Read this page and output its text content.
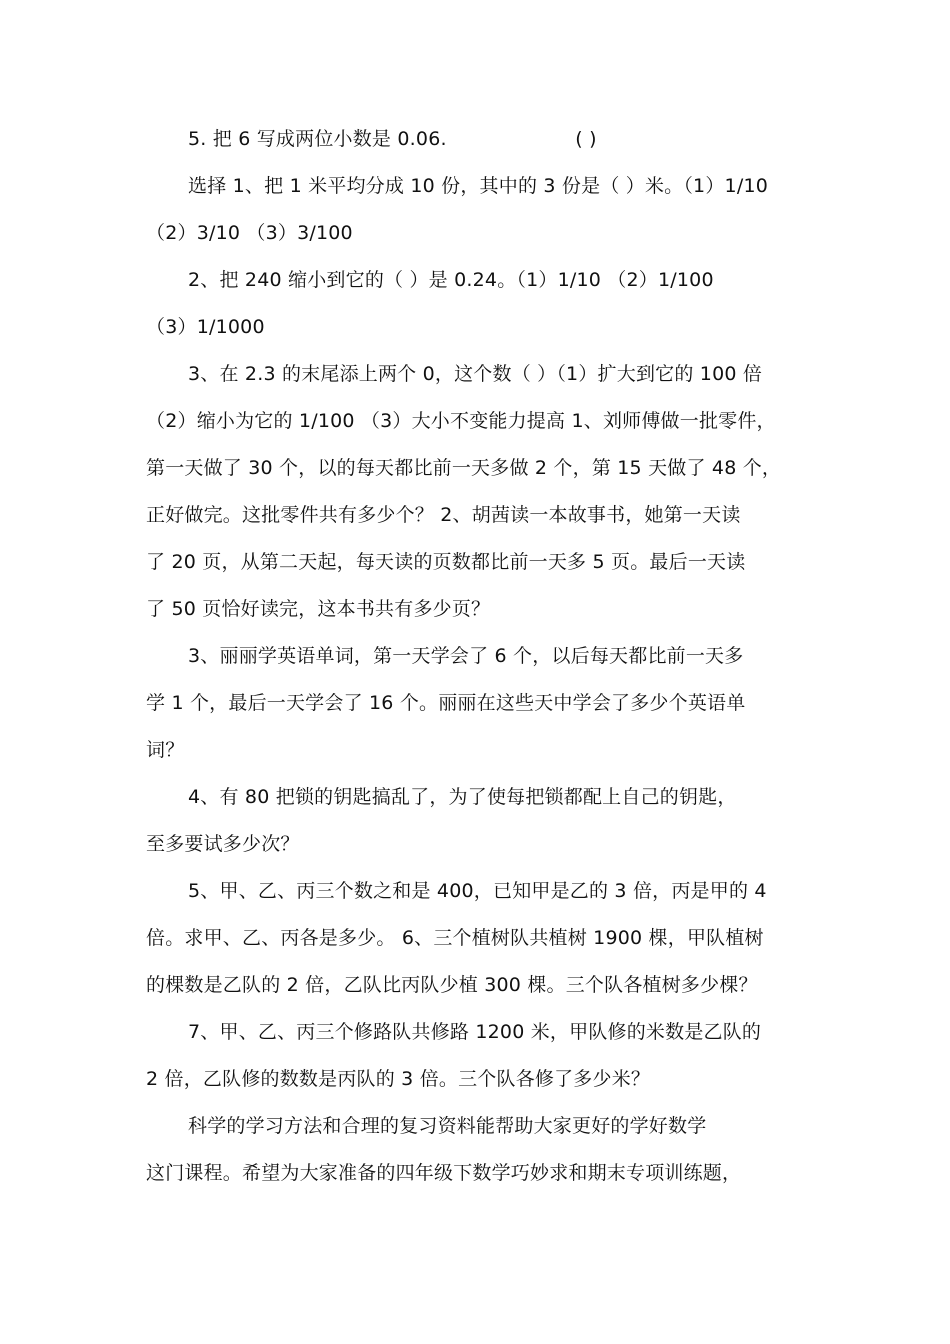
5. 把 6 写成两位小数是 0.06.	( )

选择 1、把 1 米平均分成 10 份，其中的 3 份是（ ）米。（1）1/10
（2）3/10 （3）3/100

2、把 240 缩小到它的（ ）是 0.24。（1）1/10 （2）1/100
（3）1/1000

3、在 2.3 的末尾添上两个 0，这个数（ ）（1）扩大到它的 100 倍
（2）缩小为它的 1/100 （3）大小不变能力提高 1、刘师傅做一批零件，
第一天做了 30 个，以的每天都比前一天多做 2 个，第 15 天做了 48 个，
正好做完。这批零件共有多少个？ 2、胡茜读一本故事书，她第一天读
了 20 页，从第二天起，每天读的页数都比前一天多 5 页。最后一天读
了 50 页恰好读完，这本书共有多少页？

3、丽丽学英语单词，第一天学会了 6 个，以后每天都比前一天多
学 1 个，最后一天学会了 16 个。丽丽在这些天中学会了多少个英语单
词？

4、有 80 把锁的钥匙搞乱了，为了使每把锁都配上自己的钥匙，
至多要试多少次？

5、甲、乙、丙三个数之和是 400，已知甲是乙的 3 倍，丙是甲的 4
倍。求甲、乙、丙各是多少。 6、三个植树队共植树 1900 棵，甲队植树
的棵数是乙队的 2 倍，乙队比丙队少植 300 棵。三个队各植树多少棵？

7、甲、乙、丙三个修路队共修路 1200 米，甲队修的米数是乙队的
2 倍，乙队修的数数是丙队的 3 倍。三个队各修了多少米？

科学的学习方法和合理的复习资料能帮助大家更好的学好数学
这门课程。希望为大家准备的四年级下数学巧妙求和期末专项训练题，
